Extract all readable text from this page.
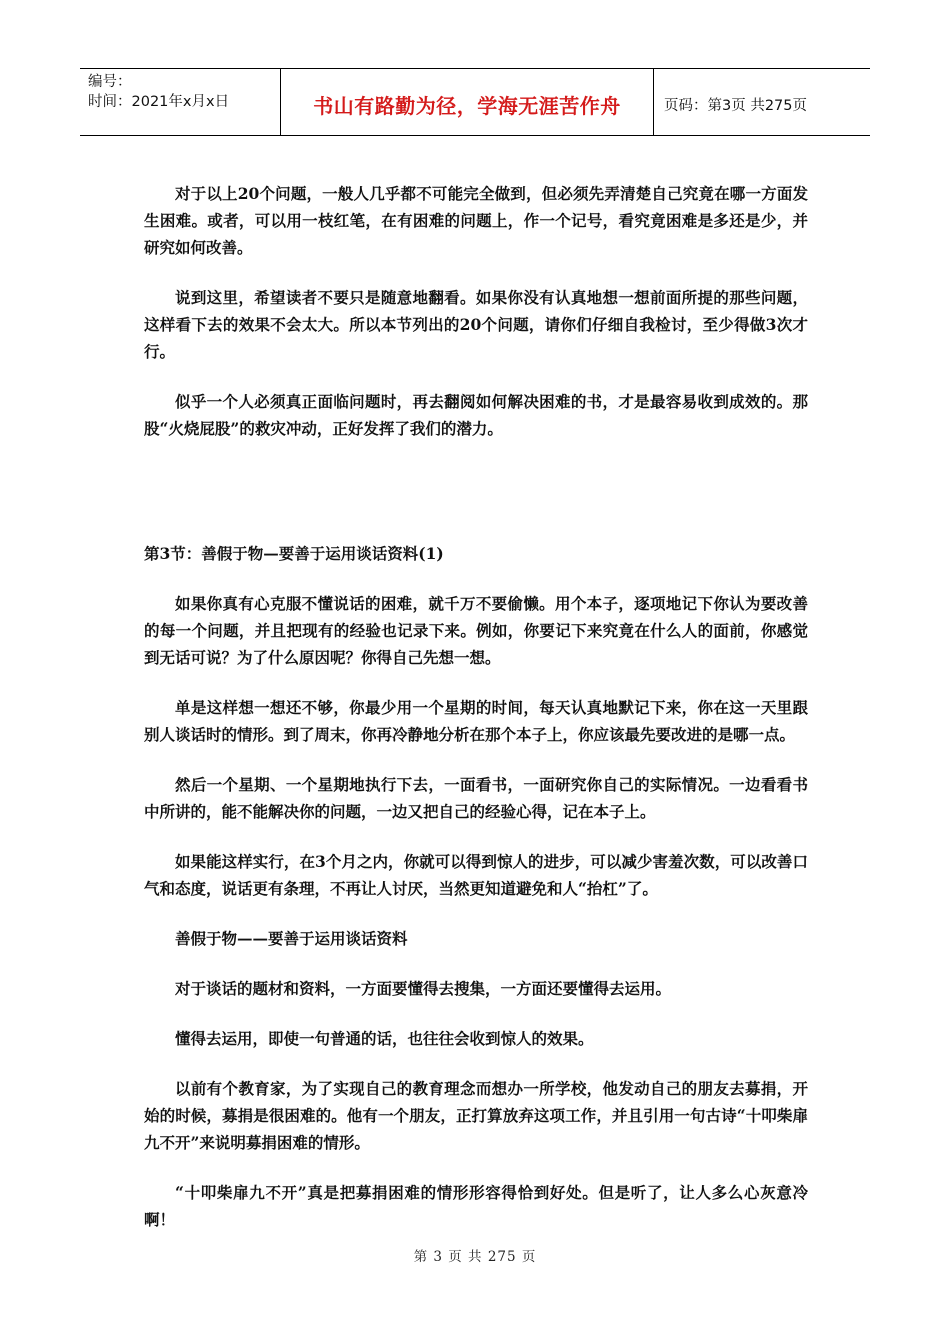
编号：
时间：2021年x月x日	书山有路勤为径，学海无涯苦作舟	页码：第3页 共275页

对于以上20个问题，一般人几乎都不可能完全做到，但必须先弄清楚自己究竟在哪一方面发生困难。或者，可以用一枝红笔，在有困难的问题上，作一个记号，看究竟困难是多还是少，并研究如何改善。

说到这里，希望读者不要只是随意地翻看。如果你没有认真地想一想前面所提的那些问题，这样看下去的效果不会太大。所以本节列出的20个问题，请你们仔细自我检讨，至少得做3次才行。

似乎一个人必须真正面临问题时，再去翻阅如何解决困难的书，才是最容易收到成效的。那股“火烧屁股”的救灾冲动，正好发挥了我们的潜力。

第3节：善假于物—要善于运用谈话资料(1)

如果你真有心克服不懂说话的困难，就千万不要偷懒。用个本子，逐项地记下你认为要改善的每一个问题，并且把现有的经验也记录下来。例如，你要记下来究竟在什么人的面前，你感觉到无话可说？为了什么原因呢？你得自己先想一想。

单是这样想一想还不够，你最少用一个星期的时间，每天认真地默记下来，你在这一天里跟别人谈话时的情形。到了周末，你再冷静地分析在那个本子上，你应该最先要改进的是哪一点。

然后一个星期、一个星期地执行下去，一面看书，一面研究你自己的实际情况。一边看看书中所讲的，能不能解决你的问题，一边又把自己的经验心得，记在本子上。

如果能这样实行，在3个月之内，你就可以得到惊人的进步，可以减少害羞次数，可以改善口气和态度，说话更有条理，不再让人讨厌，当然更知道避免和人“抬杠”了。

善假于物——要善于运用谈话资料

对于谈话的题材和资料，一方面要懂得去搜集，一方面还要懂得去运用。

懂得去运用，即使一句普通的话，也往往会收到惊人的效果。

以前有个教育家，为了实现自己的教育理念而想办一所学校，他发动自己的朋友去募捐，开始的时候，募捐是很困难的。他有一个朋友，正打算放弃这项工作，并且引用一句古诗“十叩柴扉九不开”来说明募捐困难的情形。

“十叩柴扉九不开”真是把募捐困难的情形形容得恰到好处。但是听了，让人多么心灰意冷啊！

第 3 页 共 275 页
